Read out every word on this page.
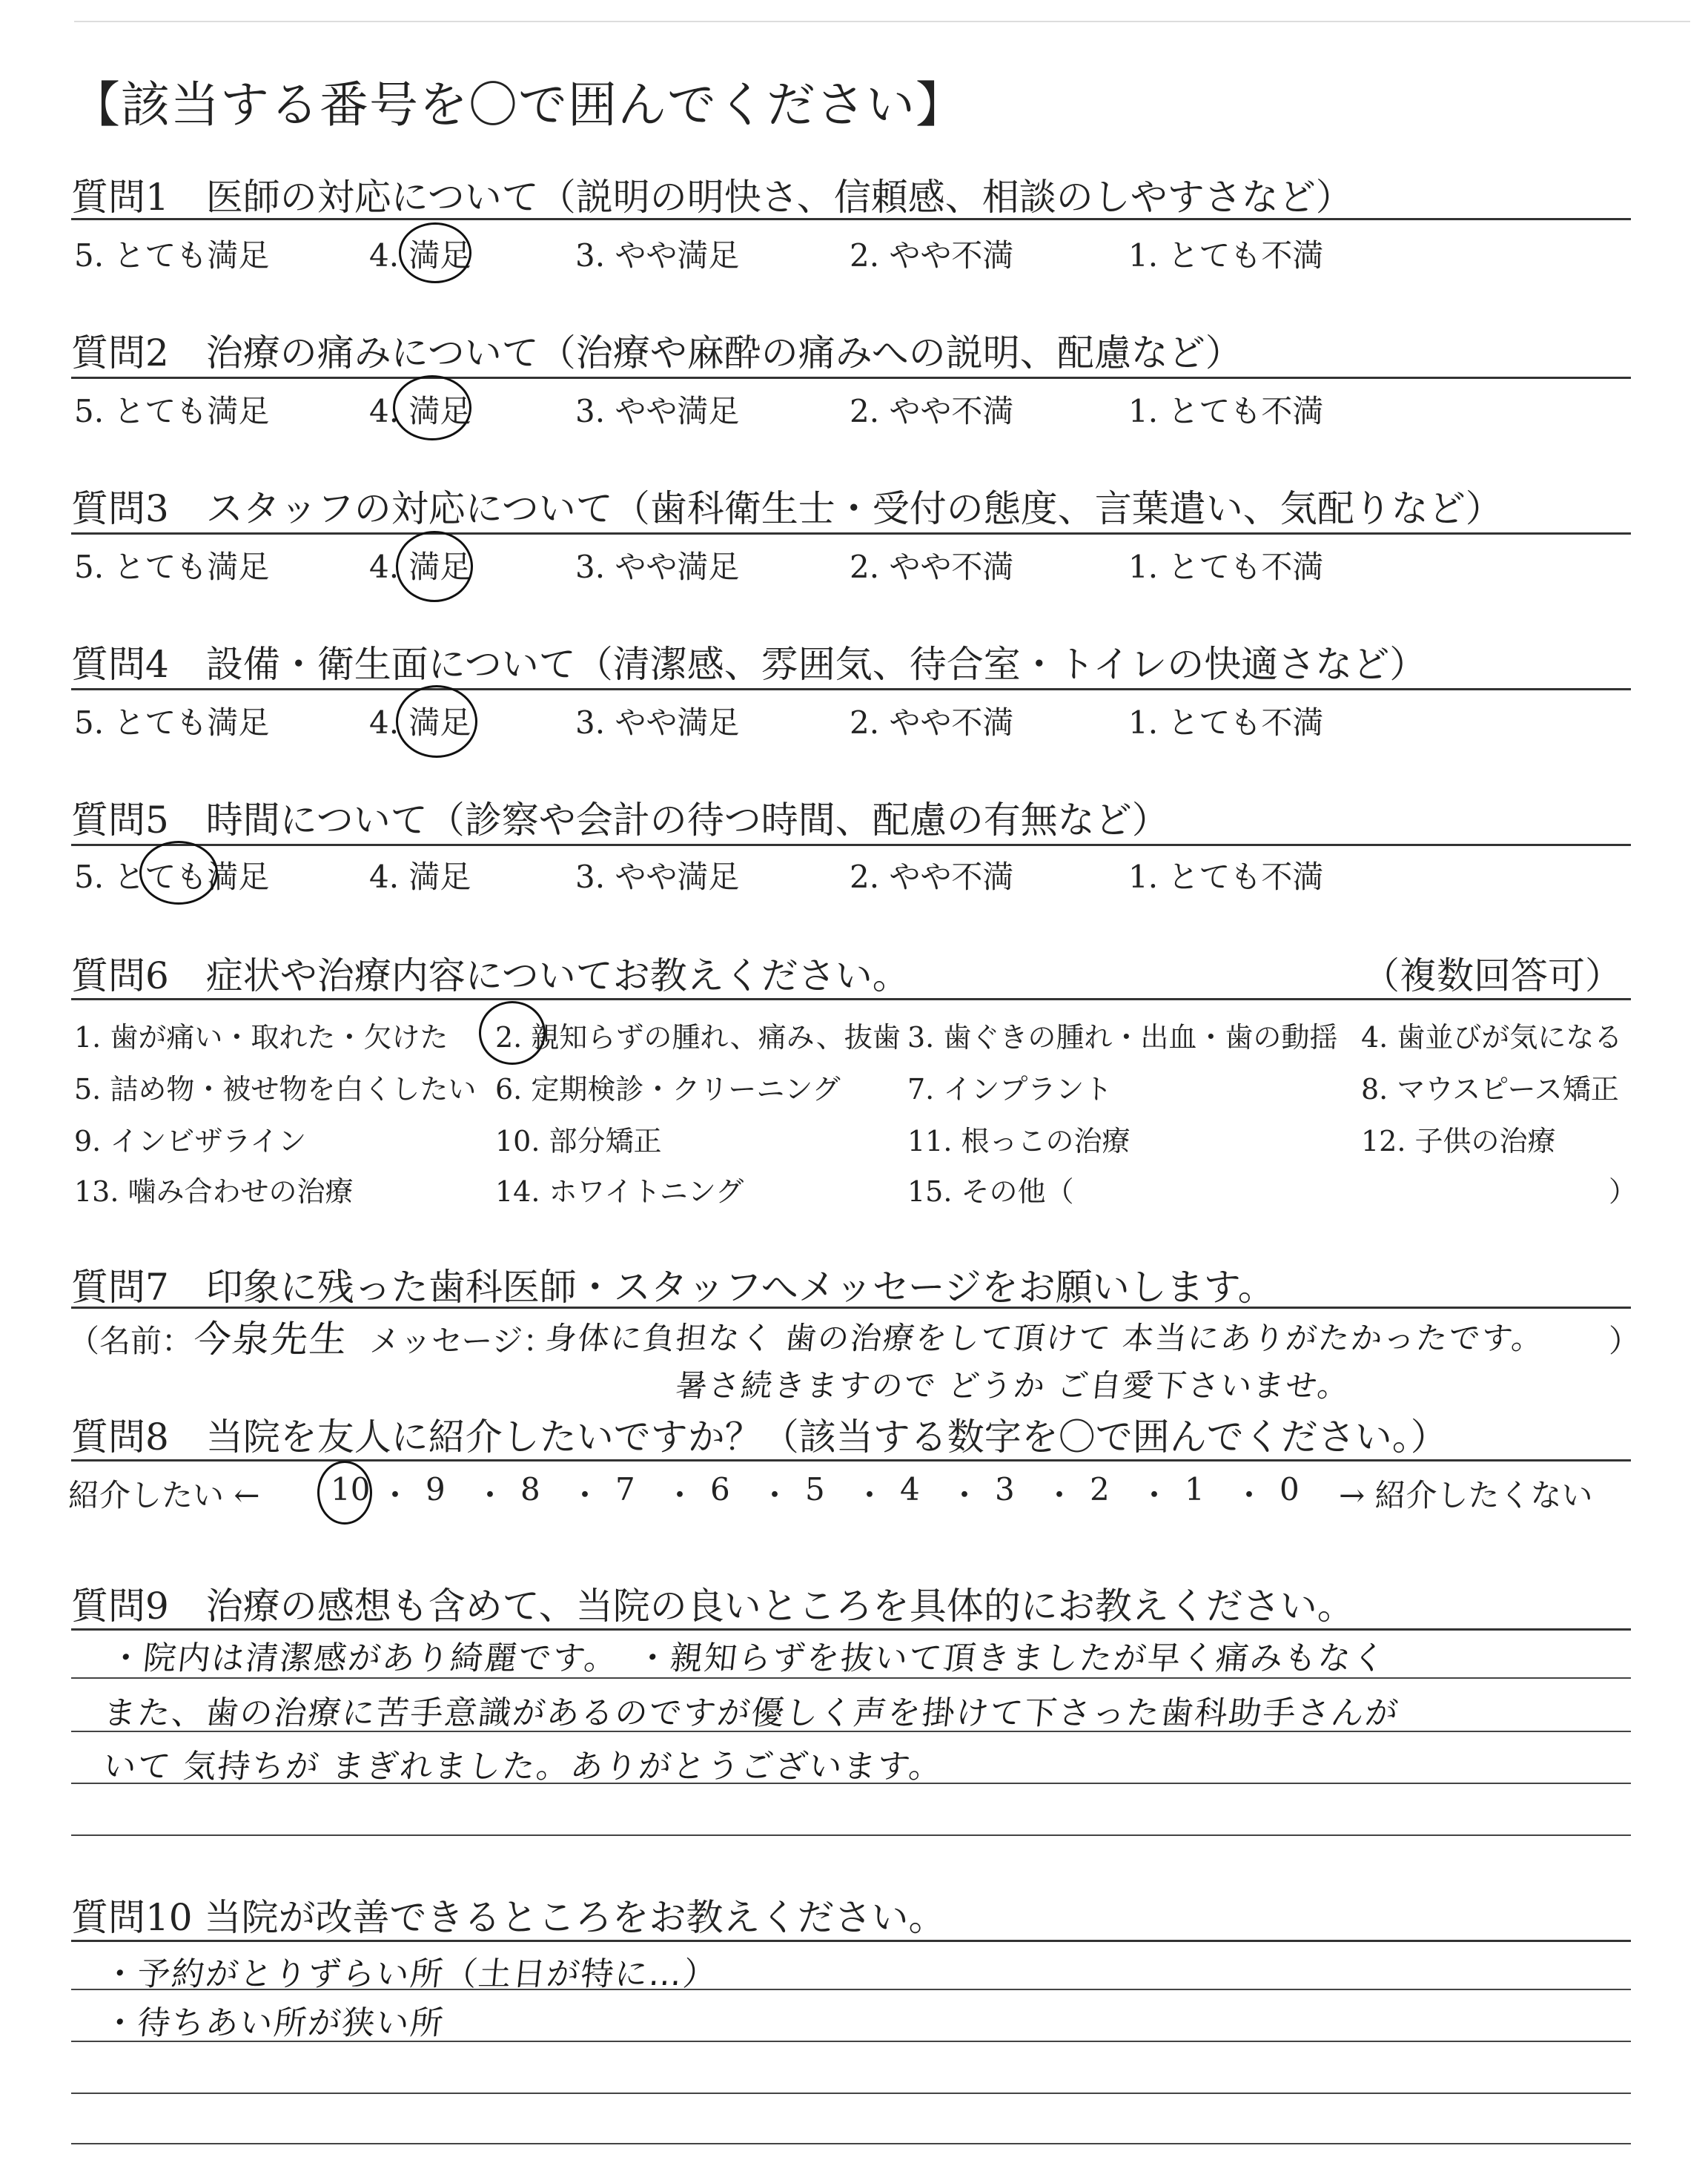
【該当する番号を〇で囲んでください】
質問1　医師の対応について（説明の明快さ、信頼感、相談のしやすさなど）
5. とても満足	4. 満足	3. やや満足	2. やや不満	1. とても不満
質問2　治療の痛みについて（治療や麻酔の痛みへの説明、配慮など）
5. とても満足	4. 満足	3. やや満足	2. やや不満	1. とても不満
質問3　スタッフの対応について（歯科衛生士・受付の態度、言葉遣い、気配りなど）
5. とても満足	4. 満足	3. やや満足	2. やや不満	1. とても不満
質問4　設備・衛生面について（清潔感、雰囲気、待合室・トイレの快適さなど）
5. とても満足	4. 満足	3. やや満足	2. やや不満	1. とても不満
質問5　時間について（診察や会計の待つ時間、配慮の有無など）
5. とても満足	4. 満足	3. やや満足	2. やや不満	1. とても不満
質問6　症状や治療内容についてお教えください。	（複数回答可）
1. 歯が痛い・取れた・欠けた 2. 親知らずの腫れ、痛み、抜歯 3. 歯ぐきの腫れ・出血・歯の動揺 4. 歯並びが気になる
5. 詰め物・被せ物を白くしたい 6. 定期検診・クリーニング 7. インプラント	8. マウスピース矯正
9. インビザライン	10. 部分矯正	11. 根っこの治療	12. 子供の治療
13. 噛み合わせの治療	14. ホワイトニング	15. その他（	）
質問7　印象に残った歯科医師・スタッフへメッセージをお願いします。
（名前：
今泉先生 メッセージ：
身体に負担なく 歯の治療をして頂けて 本当にありがたかったです。
暑さ続きますので どうか ご自愛下さいませ。
）
質問8　当院を友人に紹介したいですか？（該当する数字を〇で囲んでください。）
紹介したい ← 10 ・ 9 ・ 8 ・ 7 ・ 6 ・ 5 ・ 4 ・ 3 ・ 2 ・ 1 ・ 0 → 紹介したくない
質問9　治療の感想も含めて、当院の良いところを具体的にお教えください。
・院内は清潔感があり綺麗です。　・親知らずを抜いて頂きましたが早く痛みもなく
また、歯の治療に苦手意識があるのですが優しく声を掛けて下さった歯科助手さんが
いて 気持ちが まぎれました。ありがとうございます。
質問10 当院が改善できるところをお教えください。
・予約がとりずらい所（土日が特に…）
・待ちあい所が狭い所
